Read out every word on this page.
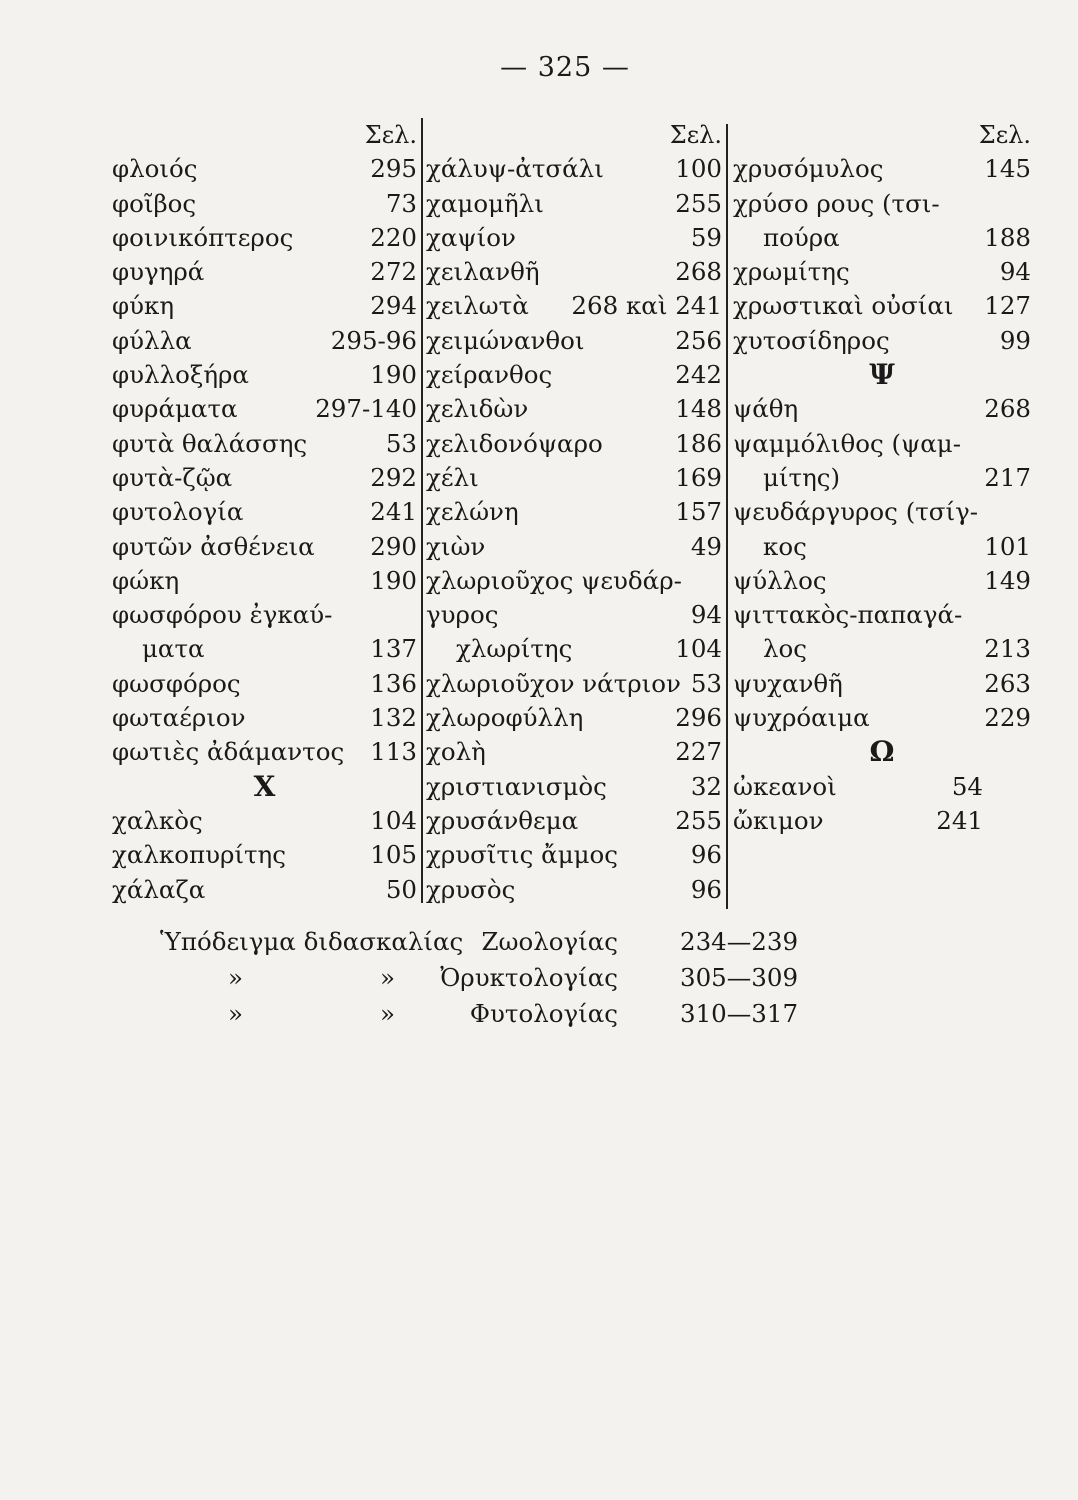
— 325 —
Σελ.
φλοιός	295
φοῖβος	73
φοινικόπτερος	220
φυγηρά	272
φύκη	294
φύλλα	295-96
φυλλοξήρα	190
φυράματα	297-140
φυτὰ θαλάσσης	53
φυτὰ-ζῷα	292
φυτολογία	241
φυτῶν ἀσθένεια 290
φώκη	190
φωσφόρου ἐγκαύ-
ματα	137
φωσφόρος	136
φωταέριον	132
φωτιὲς ἀδάμαντος 113
Χ
χαλκὸς	104
χαλκοπυρίτης	105
χάλαζα	50
Σελ.
χάλυψ-ἀτσάλι	100
χαμομῆλι	255
χαψίον	59
χειλανθῆ	268
χειλωτὰ 268 καὶ 241
χειμώνανθοι	256
χείρανθος	242
χελιδὼν	148
χελιδονόψαρο	186
χέλι	169
χελώνη	157
χιὼν	49
χλωριοῦχος ψευδάρ-
γυρος	94
χλωρίτης	104
χλωριοῦχον νάτριον 53
χλωροφύλλη	296
χολὴ	227
χριστιανισμὸς	32
χρυσάνθεμα	255
χρυσῖτις ἄμμος	96
χρυσὸς	96
Σελ.
χρυσόμυλος	145
χρύσο ρους (τσι-
πούρα	188
χρωμίτης	94
χρωστικαὶ οὐσίαι 127
χυτοσίδηρος	99
Ψ
ψάθη	268
ψαμμόλιθος (ψαμ-
μίτης)	217
ψευδάργυρος (τσίγ-
κος	101
ψύλλος	149
ψιττακὸς-παπαγά-
λος	213
ψυχανθῆ	263
ψυχρόαιμα	229
Ω
ὠκεανοὶ	54
ὤκιμον	241
Ὑπόδειγμα διδασκαλίας Ζωολογίας	234—239
»	» Ὀρυκτολογίας	305—309
»	»	Φυτολογίας	310—317
